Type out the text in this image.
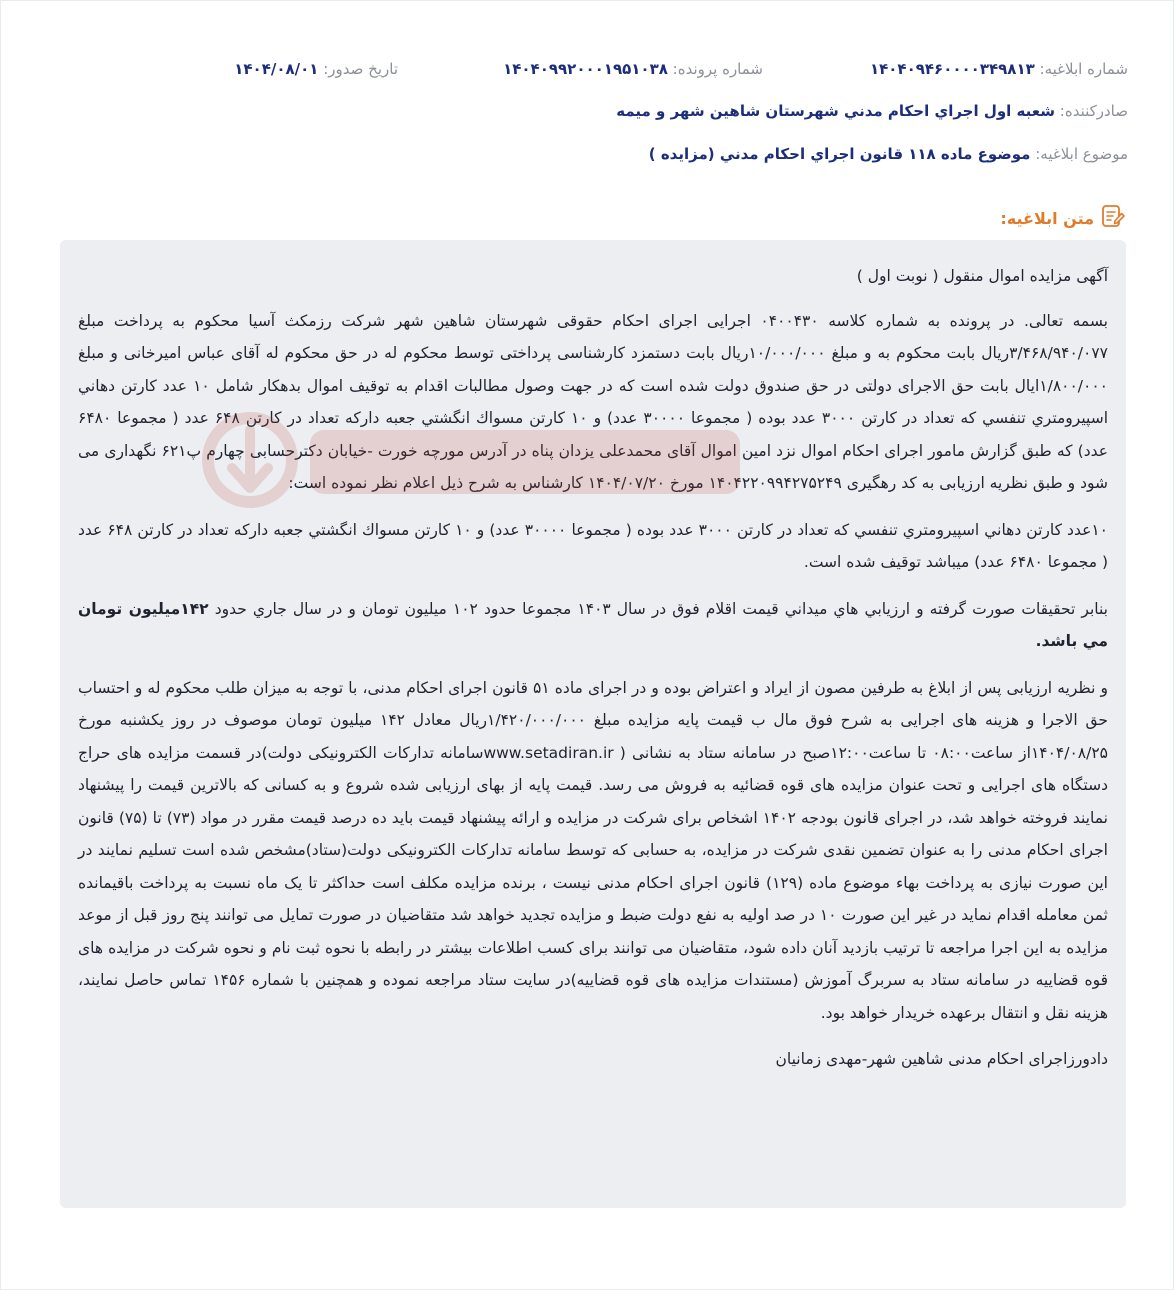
شماره ابلاغیه: ۱۴۰۴۰۹۴۶۰۰۰۰۳۴۹۸۱۳
شماره پرونده: ۱۴۰۴۰۹۹۲۰۰۰۱۹۵۱۰۳۸
تاریخ صدور: ۱۴۰۴/۰۸/۰۱
صادرکننده: شعبه اول اجراي احكام مدني شهرستان شاهين شهر و ميمه
موضوع ابلاغیه: موضوع ماده ۱۱۸ قانون اجراي احكام مدني (مزايده )
متن ابلاغیه:

آگهی مزایده اموال منقول ( نوبت اول )

بسمه تعالی. در پرونده به شماره کلاسه ۰۴۰۰۴۳۰ اجرایی اجرای احکام حقوقی شهرستان شاهین شهر شرکت رزمکث آسیا محکوم به پرداخت مبلغ ۳/۴۶۸/۹۴۰/۰۷۷ریال بابت محکوم به و مبلغ ۱۰/۰۰۰/۰۰۰ریال بابت دستمزد کارشناسی پرداختی توسط محکوم له در حق محکوم له آقای عباس امیرخانی و مبلغ ۱/۸۰۰/۰۰۰ایال بابت حق الاجرای دولتی در حق صندوق دولت شده است که در جهت وصول مطالبات اقدام به توقیف اموال بدهکار شامل ۱۰ عدد کارتن دهاني اسپيرومتري تنفسي كه تعداد در كارتن ۳۰۰۰ عدد بوده ( مجموعا ۳۰۰۰۰ عدد) و ۱۰ كارتن مسواك انگشتي جعبه داركه تعداد در كارتن ۶۴۸ عدد ( مجموعا ۶۴۸۰ عدد) که طبق گزارش مامور اجرای احکام اموال نزد امین اموال آقای محمدعلی یزدان پناه در آدرس مورچه خورت -خیابان دکترحسابی چهارم پ۶۲۱ نگهداری می شود و طبق نظریه ارزیابی به کد رهگیری ۱۴۰۴۲۲۰۹۹۴۲۷۵۲۴۹ مورخ ۱۴۰۴/۰۷/۲۰ کارشناس به شرح ذیل اعلام نظر نموده است:

۱۰عدد كارتن دهاني اسپيرومتري تنفسي كه تعداد در كارتن ۳۰۰۰ عدد بوده ( مجموعا ۳۰۰۰۰ عدد) و ۱۰ كارتن مسواك انگشتي جعبه داركه تعداد در كارتن ۶۴۸ عدد ( مجموعا ۶۴۸۰ عدد) میباشد توقیف شده است.

بنابر تحقيقات صورت گرفته و ارزيابي هاي ميداني قيمت اقلام فوق در سال ۱۴۰۳ مجموعا حدود ۱۰۲ ميليون تومان و در سال جاري حدود ۱۴۲ميليون تومان مي باشد.

و نظریه ارزیابی پس از ابلاغ به طرفین مصون از ایراد و اعتراض بوده و در اجرای ماده ۵۱ قانون اجرای احکام مدنی، با توجه به میزان طلب محکوم له و احتساب حق الاجرا و هزینه های اجرایی به شرح فوق مال ب قیمت پایه مزایده مبلغ ۱/۴۲۰/۰۰۰/۰۰۰ریال معادل ۱۴۲ میلیون تومان موصوف در روز یکشنبه مورخ ۱۴۰۴/۰۸/۲۵از ساعت۰۸:۰۰ تا ساعت۱۲:۰۰صبح در سامانه ستاد به نشانی ( www.setadiran.irسامانه تدارکات الکترونیکی دولت)در قسمت مزایده های حراج دستگاه های اجرایی و تحت عنوان مزایده های قوه قضائیه به فروش می رسد. قیمت پایه از بهای ارزیابی شده شروع و به کسانی که بالاترین قیمت را پیشنهاد نمایند فروخته خواهد شد، در اجرای قانون بودجه ۱۴۰۲ اشخاص برای شرکت در مزایده و ارائه پیشنهاد قیمت باید ده درصد قیمت مقرر در مواد (۷۳) تا (۷۵) قانون اجرای احکام مدنی را به عنوان تضمین نقدی شرکت در مزایده، به حسابی که توسط سامانه تدارکات الکترونیکی دولت(ستاد)مشخص شده است تسلیم نمایند در این صورت نیازی به پرداخت بهاء موضوع ماده (۱۲۹) قانون اجرای احکام مدنی نیست ، برنده مزایده مکلف است حداکثر تا یک ماه نسبت به پرداخت باقیمانده ثمن معامله اقدام نماید در غیر این صورت ۱۰ در صد اولیه به نفع دولت ضبط و مزایده تجدید خواهد شد متقاضیان در صورت تمایل می توانند پنج روز قبل از موعد مزایده به این اجرا مراجعه تا ترتیب بازدید آنان داده شود، متقاضیان می توانند برای کسب اطلاعات بیشتر در رابطه با نحوه ثبت نام و نحوه شرکت در مزایده های قوه قضاییه در سامانه ستاد به سربرگ آموزش (مستندات مزایده های قوه قضاییه)در سایت ستاد مراجعه نموده و همچنین با شماره ۱۴۵۶ تماس حاصل نمایند، هزینه نقل و انتقال برعهده خریدار خواهد بود.

دادورزاجرای احکام مدنی شاهین شهر-مهدی زمانیان
